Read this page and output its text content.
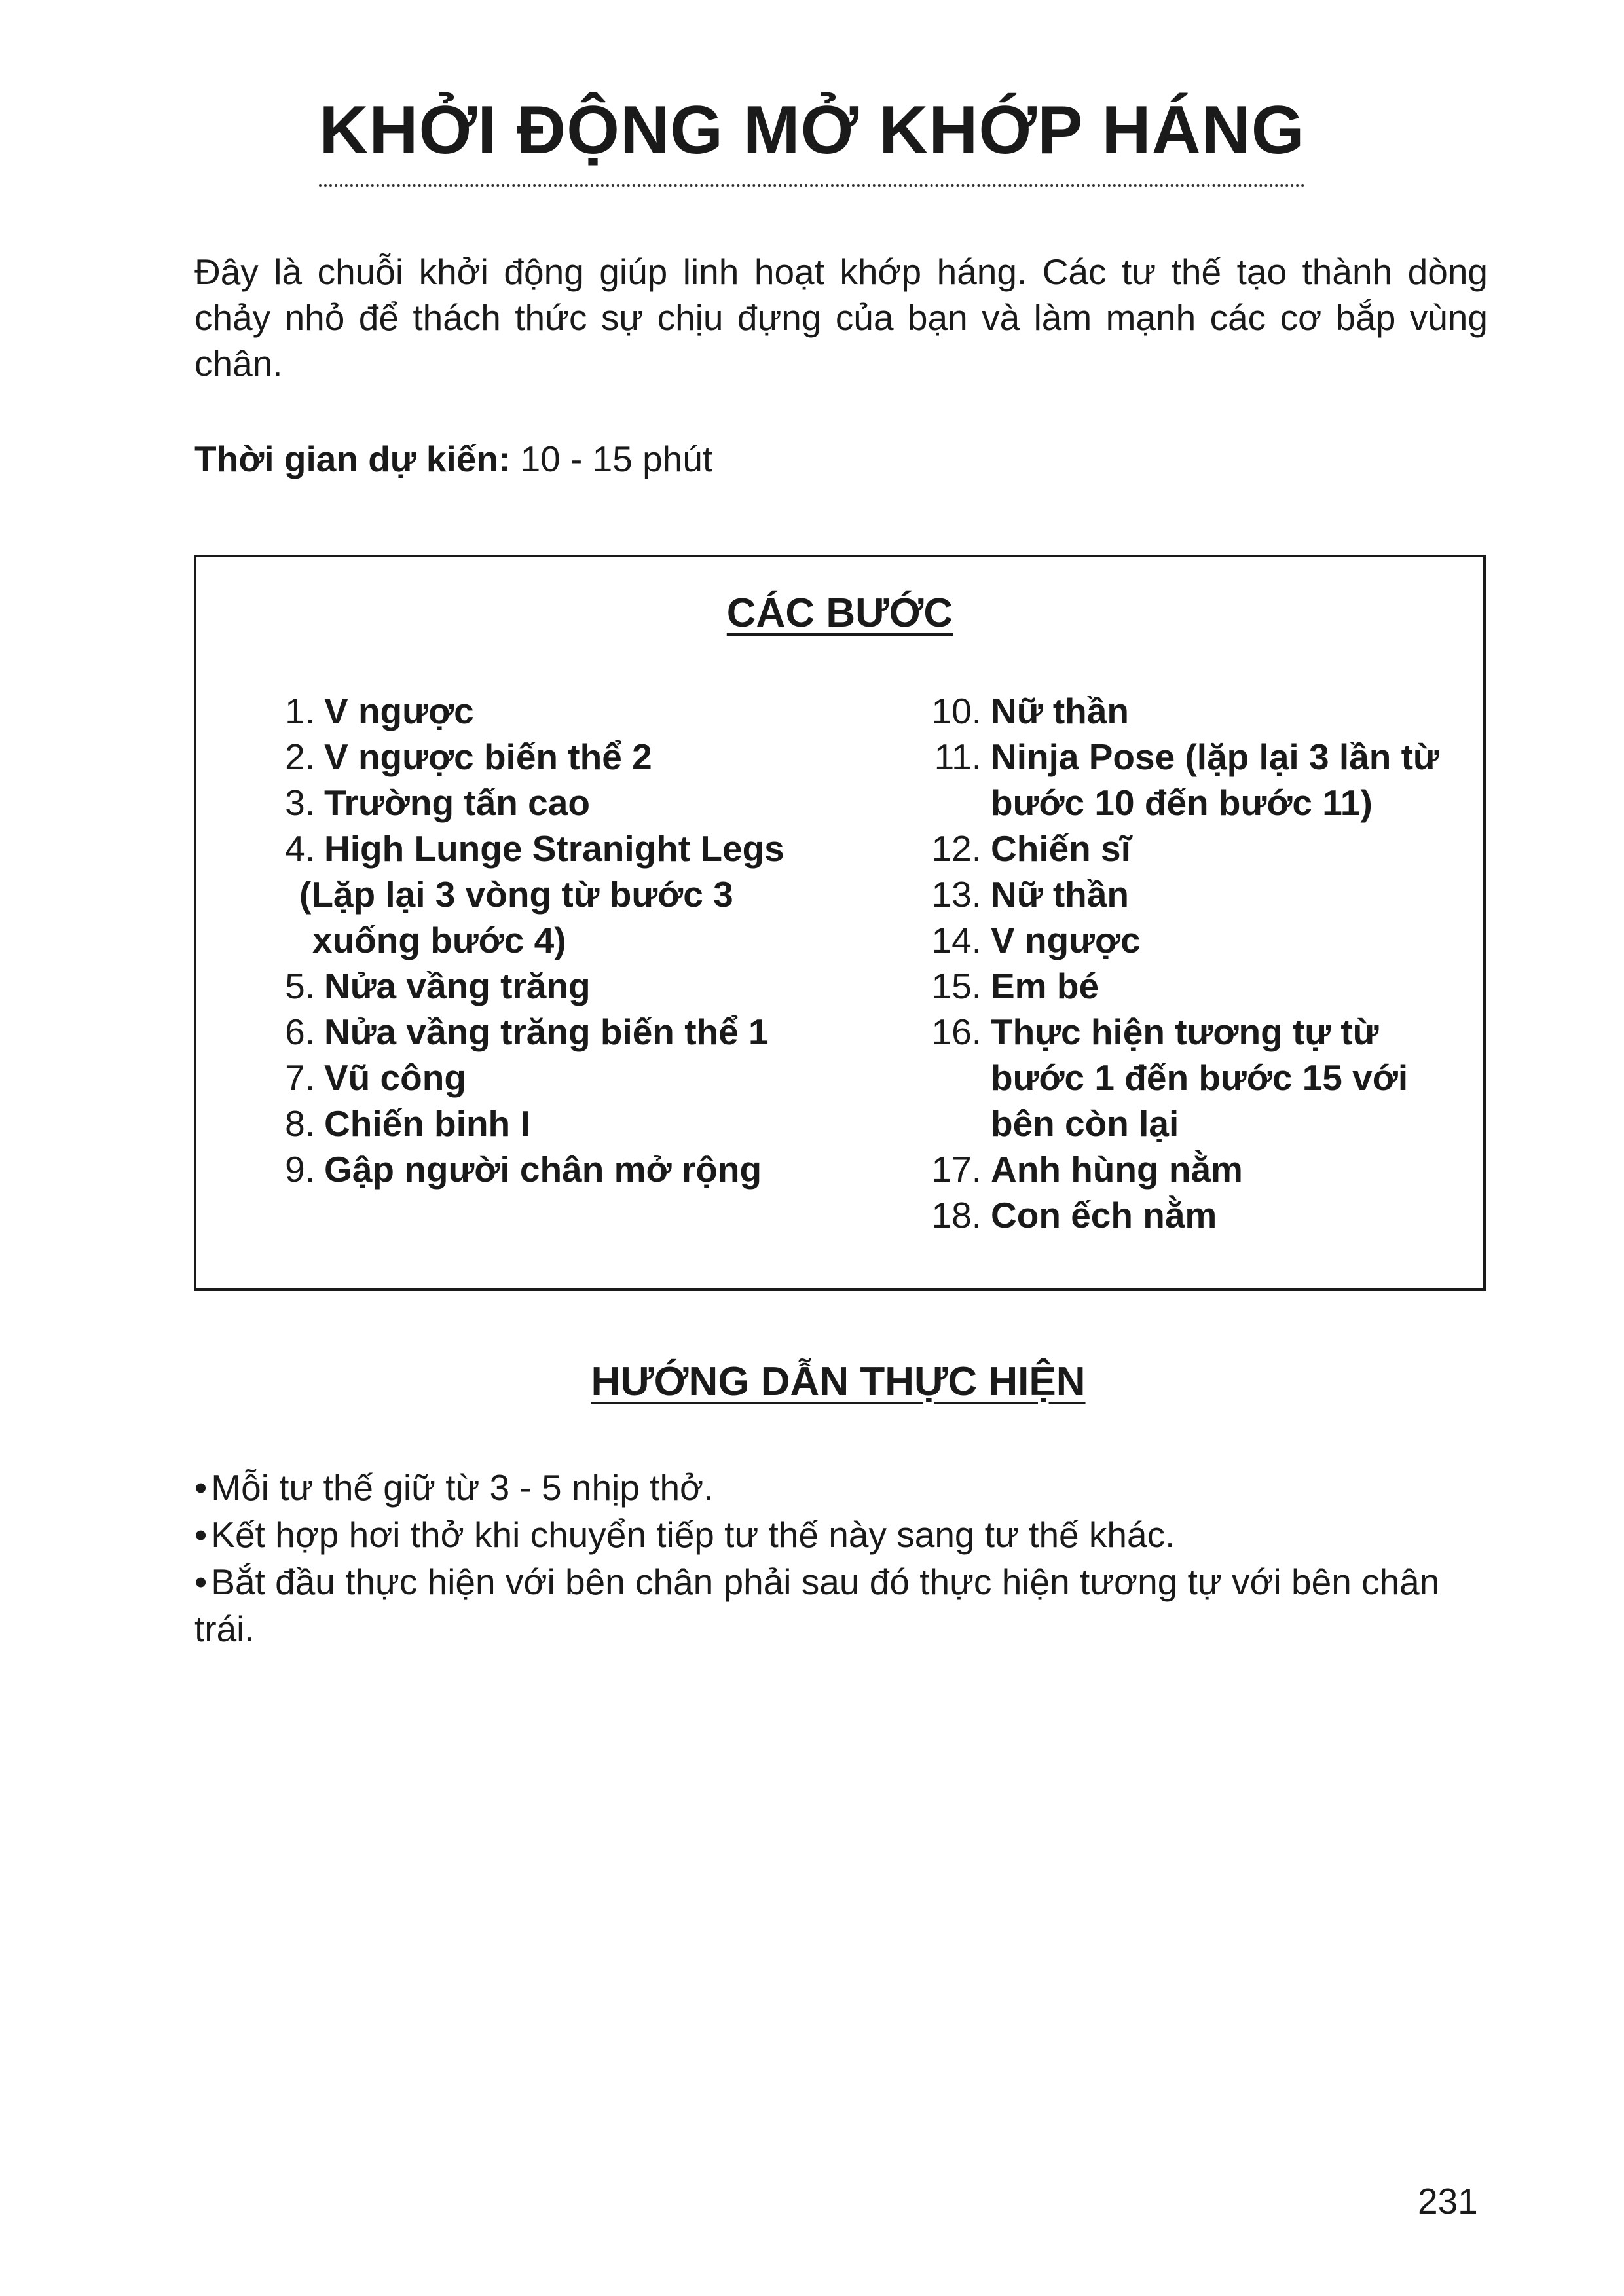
KHỞI ĐỘNG MỞ KHỚP HÁNG

Đây là chuỗi khởi động giúp linh hoạt khớp háng. Các tư thế tạo thành dòng chảy nhỏ để thách thức sự chịu đựng của bạn và làm mạnh các cơ bắp vùng chân.

Thời gian dự kiến: 10 - 15 phút

CÁC BƯỚC
1. V ngược
2. V ngược biến thể 2
3. Trường tấn cao
4. High Lunge Stranight Legs
(Lặp lại 3 vòng từ bước 3
xuống bước 4)
5. Nửa vầng trăng
6. Nửa vầng trăng biến thể 1
7. Vũ công
8. Chiến binh I
9. Gập người chân mở rộng
10. Nữ thần
11. Ninja Pose (lặp lại 3 lần từ bước 10 đến bước 11)
12. Chiến sĩ
13. Nữ thần
14. V ngược
15. Em bé
16. Thực hiện tương tự từ bước 1 đến bước 15 với bên còn lại
17. Anh hùng nằm
18. Con ếch nằm
HƯỚNG DẪN THỰC HIỆN
• Mỗi tư thế giữ từ 3 - 5 nhịp thở.
• Kết hợp hơi thở khi chuyển tiếp tư thế này sang tư thế khác.
• Bắt đầu thực hiện với bên chân phải sau đó thực hiện tương tự với bên chân trái.

231
